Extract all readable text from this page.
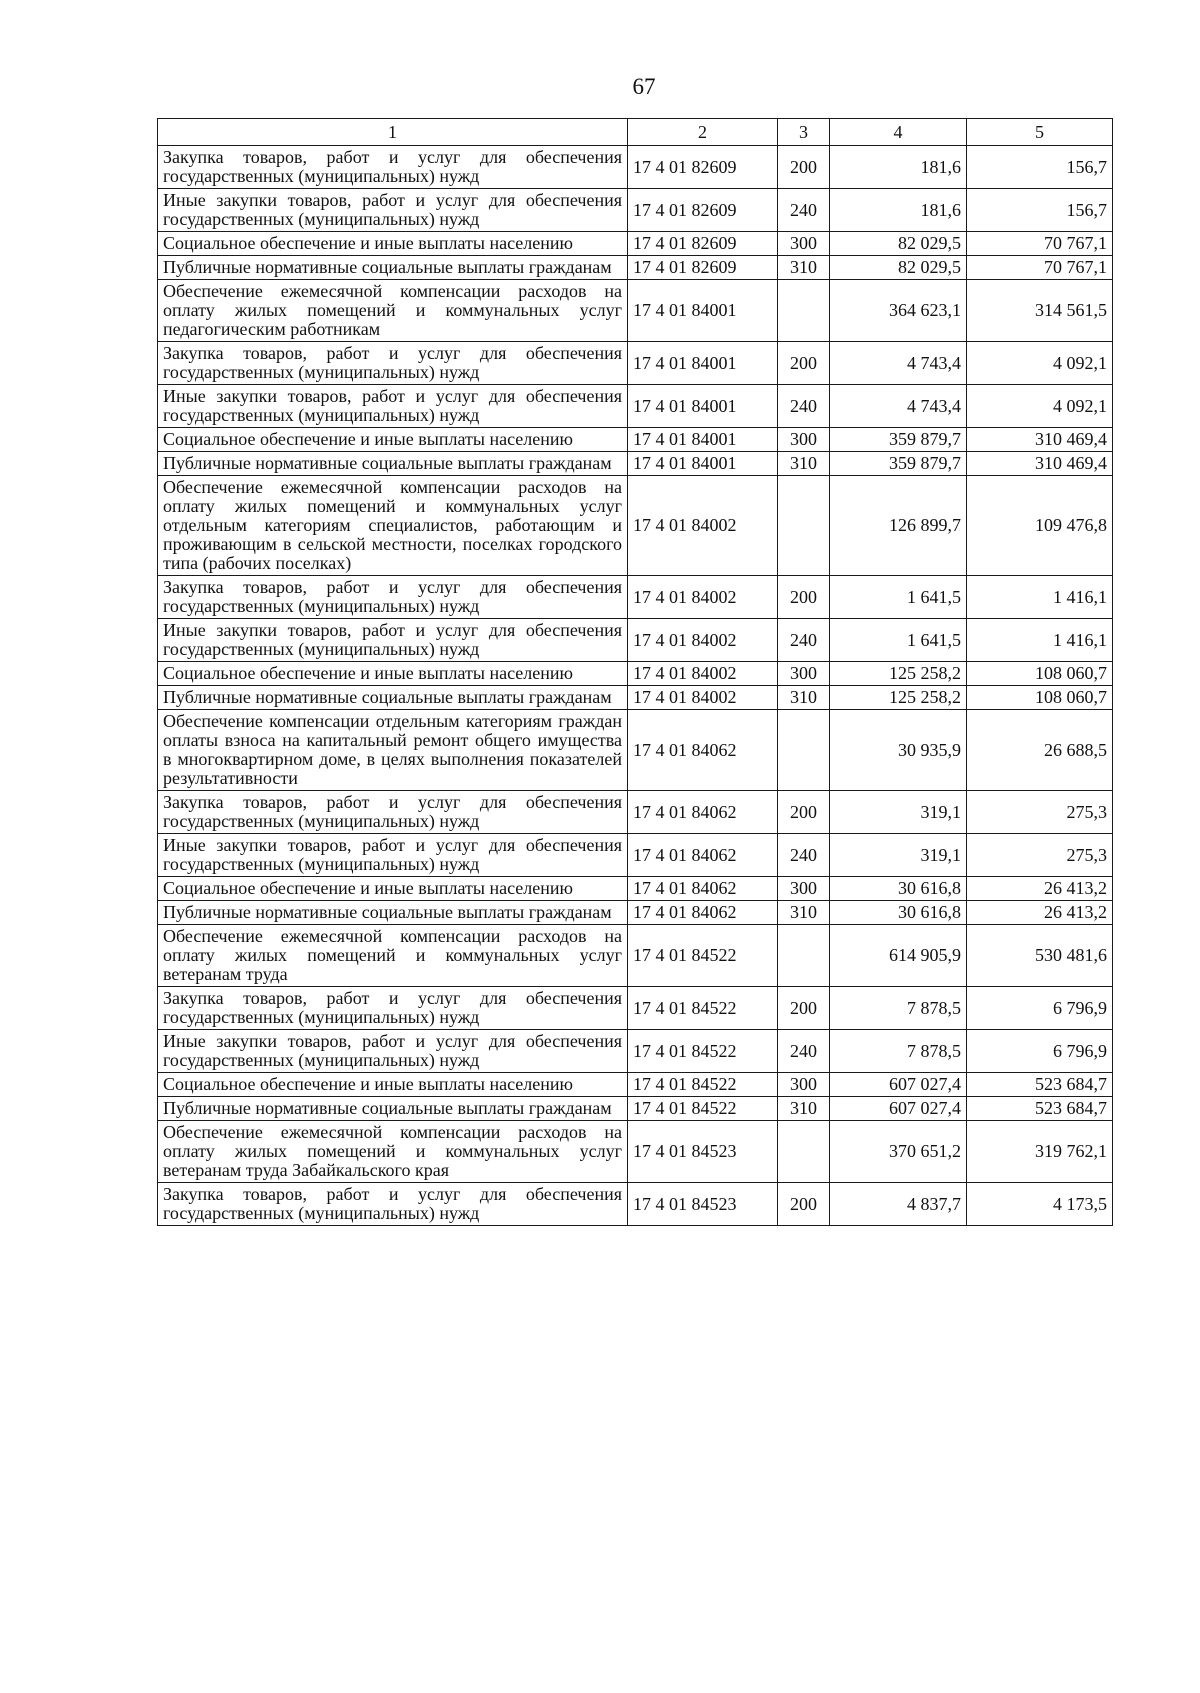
67
1	2	3	4	5
Закупка товаров, работ и услуг для обеспечения государственных (муниципальных) нужд	17 4 01 82609	200	181,6	156,7
Иные закупки товаров, работ и услуг для обеспечения государственных (муниципальных) нужд	17 4 01 82609	240	181,6	156,7
Социальное обеспечение и иные выплаты населению	17 4 01 82609	300	82 029,5	70 767,1
Публичные нормативные социальные выплаты гражданам	17 4 01 82609	310	82 029,5	70 767,1
Обеспечение ежемесячной компенсации расходов на оплату жилых помещений и коммунальных услуг педагогическим работникам	17 4 01 84001		364 623,1	314 561,5
Закупка товаров, работ и услуг для обеспечения государственных (муниципальных) нужд	17 4 01 84001	200	4 743,4	4 092,1
Иные закупки товаров, работ и услуг для обеспечения государственных (муниципальных) нужд	17 4 01 84001	240	4 743,4	4 092,1
Социальное обеспечение и иные выплаты населению	17 4 01 84001	300	359 879,7	310 469,4
Публичные нормативные социальные выплаты гражданам	17 4 01 84001	310	359 879,7	310 469,4
Обеспечение ежемесячной компенсации расходов на оплату жилых помещений и коммунальных услуг отдельным категориям специалистов, работающим и проживающим в сельской местности, поселках городского типа (рабочих поселках)	17 4 01 84002		126 899,7	109 476,8
Закупка товаров, работ и услуг для обеспечения государственных (муниципальных) нужд	17 4 01 84002	200	1 641,5	1 416,1
Иные закупки товаров, работ и услуг для обеспечения государственных (муниципальных) нужд	17 4 01 84002	240	1 641,5	1 416,1
Социальное обеспечение и иные выплаты населению	17 4 01 84002	300	125 258,2	108 060,7
Публичные нормативные социальные выплаты гражданам	17 4 01 84002	310	125 258,2	108 060,7
Обеспечение компенсации отдельным категориям граждан оплаты взноса на капитальный ремонт общего имущества в многоквартирном доме, в целях выполнения показателей результативности	17 4 01 84062		30 935,9	26 688,5
Закупка товаров, работ и услуг для обеспечения государственных (муниципальных) нужд	17 4 01 84062	200	319,1	275,3
Иные закупки товаров, работ и услуг для обеспечения государственных (муниципальных) нужд	17 4 01 84062	240	319,1	275,3
Социальное обеспечение и иные выплаты населению	17 4 01 84062	300	30 616,8	26 413,2
Публичные нормативные социальные выплаты гражданам	17 4 01 84062	310	30 616,8	26 413,2
Обеспечение ежемесячной компенсации расходов на оплату жилых помещений и коммунальных услуг ветеранам труда	17 4 01 84522		614 905,9	530 481,6
Закупка товаров, работ и услуг для обеспечения государственных (муниципальных) нужд	17 4 01 84522	200	7 878,5	6 796,9
Иные закупки товаров, работ и услуг для обеспечения государственных (муниципальных) нужд	17 4 01 84522	240	7 878,5	6 796,9
Социальное обеспечение и иные выплаты населению	17 4 01 84522	300	607 027,4	523 684,7
Публичные нормативные социальные выплаты гражданам	17 4 01 84522	310	607 027,4	523 684,7
Обеспечение ежемесячной компенсации расходов на оплату жилых помещений и коммунальных услуг ветеранам труда Забайкальского края	17 4 01 84523		370 651,2	319 762,1
Закупка товаров, работ и услуг для обеспечения государственных (муниципальных) нужд	17 4 01 84523	200	4 837,7	4 173,5
